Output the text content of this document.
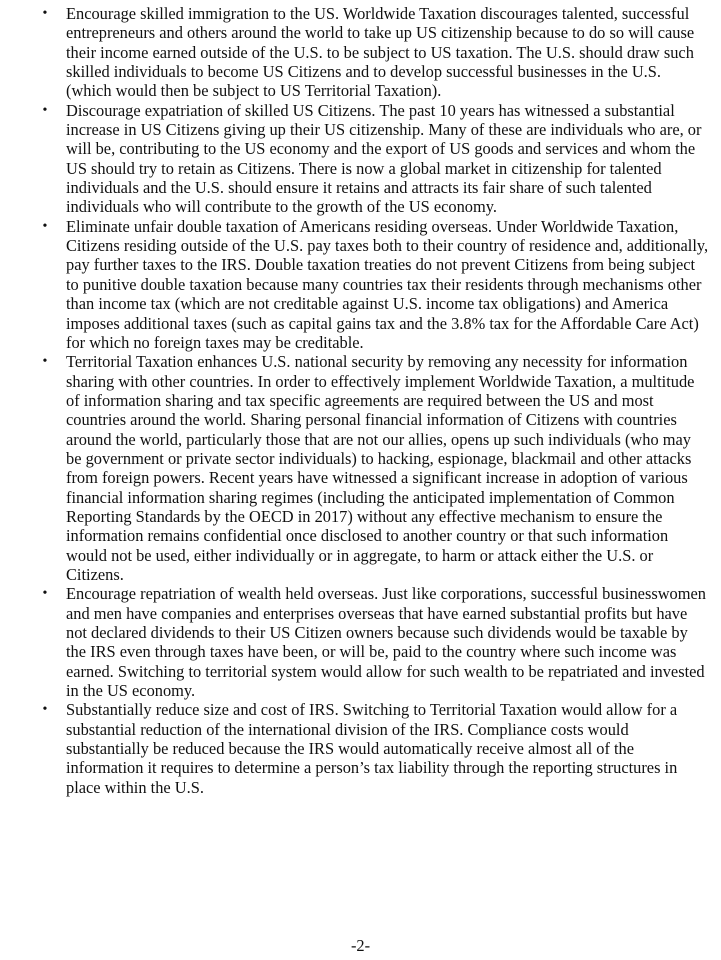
• Encourage skilled immigration to the US. Worldwide Taxation discourages talented, successful entrepreneurs and others around the world to take up US citizenship because to do so will cause their income earned outside of the U.S. to be subject to US taxation. The U.S. should draw such skilled individuals to become US Citizens and to develop successful businesses in the U.S. (which would then be subject to US Territorial Taxation).
• Discourage expatriation of skilled US Citizens. The past 10 years has witnessed a substantial increase in US Citizens giving up their US citizenship. Many of these are individuals who are, or will be, contributing to the US economy and the export of US goods and services and whom the US should try to retain as Citizens. There is now a global market in citizenship for talented individuals and the U.S. should ensure it retains and attracts its fair share of such talented individuals who will contribute to the growth of the US economy.
• Eliminate unfair double taxation of Americans residing overseas. Under Worldwide Taxation, Citizens residing outside of the U.S. pay taxes both to their country of residence and, additionally, pay further taxes to the IRS. Double taxation treaties do not prevent Citizens from being subject to punitive double taxation because many countries tax their residents through mechanisms other than income tax (which are not creditable against U.S. income tax obligations) and America imposes additional taxes (such as capital gains tax and the 3.8% tax for the Affordable Care Act) for which no foreign taxes may be creditable.
• Territorial Taxation enhances U.S. national security by removing any necessity for information sharing with other countries. In order to effectively implement Worldwide Taxation, a multitude of information sharing and tax specific agreements are required between the US and most countries around the world. Sharing personal financial information of Citizens with countries around the world, particularly those that are not our allies, opens up such individuals (who may be government or private sector individuals) to hacking, espionage, blackmail and other attacks from foreign powers. Recent years have witnessed a significant increase in adoption of various financial information sharing regimes (including the anticipated implementation of Common Reporting Standards by the OECD in 2017) without any effective mechanism to ensure the information remains confidential once disclosed to another country or that such information would not be used, either individually or in aggregate, to harm or attack either the U.S. or Citizens.
• Encourage repatriation of wealth held overseas. Just like corporations, successful businesswomen and men have companies and enterprises overseas that have earned substantial profits but have not declared dividends to their US Citizen owners because such dividends would be taxable by the IRS even through taxes have been, or will be, paid to the country where such income was earned. Switching to territorial system would allow for such wealth to be repatriated and invested in the US economy.
• Substantially reduce size and cost of IRS. Switching to Territorial Taxation would allow for a substantial reduction of the international division of the IRS. Compliance costs would substantially be reduced because the IRS would automatically receive almost all of the information it requires to determine a person’s tax liability through the reporting structures in place within the U.S.
-2-
